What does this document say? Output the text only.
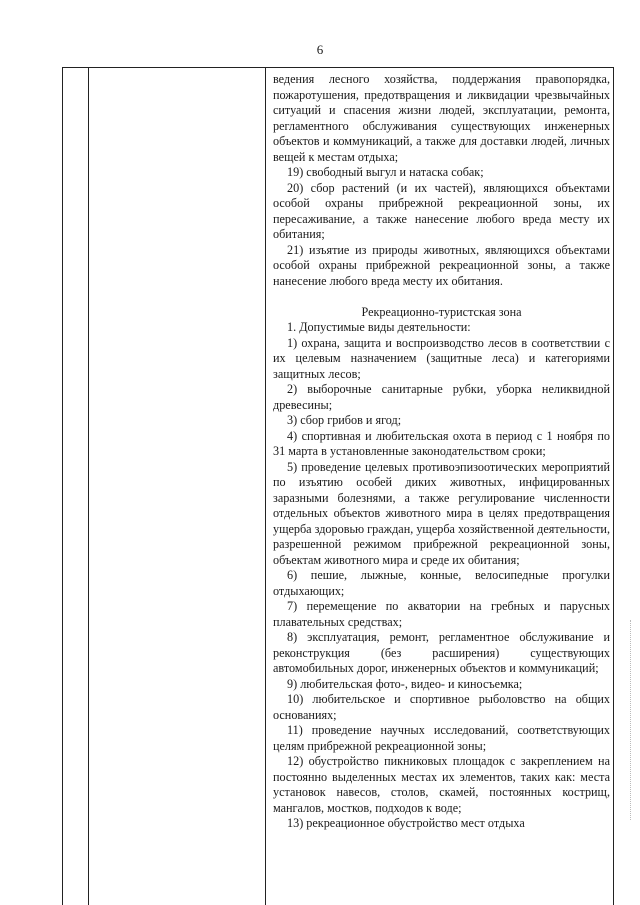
6

ведения лесного хозяйства, поддержания правопорядка, пожаротушения, предотвращения и ликвидации чрезвычайных ситуаций и спасения жизни людей, эксплуатации, ремонта, регламентного обслуживания существующих инженерных объектов и коммуникаций, а также для доставки людей, личных вещей к местам отдыха;

19) свободный выгул и натаска собак;

20) сбор растений (и их частей), являющихся объектами особой охраны прибрежной рекреационной зоны, их пересаживание, а также нанесение любого вреда месту их обитания;

21) изъятие из природы животных, являющихся объектами особой охраны прибрежной рекреационной зоны, а также нанесение любого вреда месту их обитания.

Рекреационно-туристская зона

1. Допустимые виды деятельности:

1) охрана, защита и воспроизводство лесов в соответствии с их целевым назначением (защитные леса) и категориями защитных лесов;

2) выборочные санитарные рубки, уборка неликвидной древесины;

3) сбор грибов и ягод;

4) спортивная и любительская охота в период с 1 ноября по 31 марта в установленные законодательством сроки;

5) проведение целевых противоэпизоотических мероприятий по изъятию особей диких животных, инфицированных заразными болезнями, а также регулирование численности отдельных объектов животного мира в целях предотвращения ущерба здоровью граждан, ущерба хозяйственной деятельности, разрешенной режимом прибрежной рекреационной зоны, объектам животного мира и среде их обитания;

6) пешие, лыжные, конные, велосипедные прогулки отдыхающих;

7) перемещение по акватории на гребных и парусных плавательных средствах;

8) эксплуатация, ремонт, регламентное обслуживание и реконструкция (без расширения) существующих автомобильных дорог, инженерных объектов и коммуникаций;

9) любительская фото-, видео- и киносъемка;

10) любительское и спортивное рыболовство на общих основаниях;

11) проведение научных исследований, соответствующих целям прибрежной рекреационной зоны;

12) обустройство пикниковых площадок с закреплением на постоянно выделенных местах их элементов, таких как: места установок навесов, столов, скамей, постоянных кострищ, мангалов, мостков, подходов к воде;

13) рекреационное обустройство мест отдыха
